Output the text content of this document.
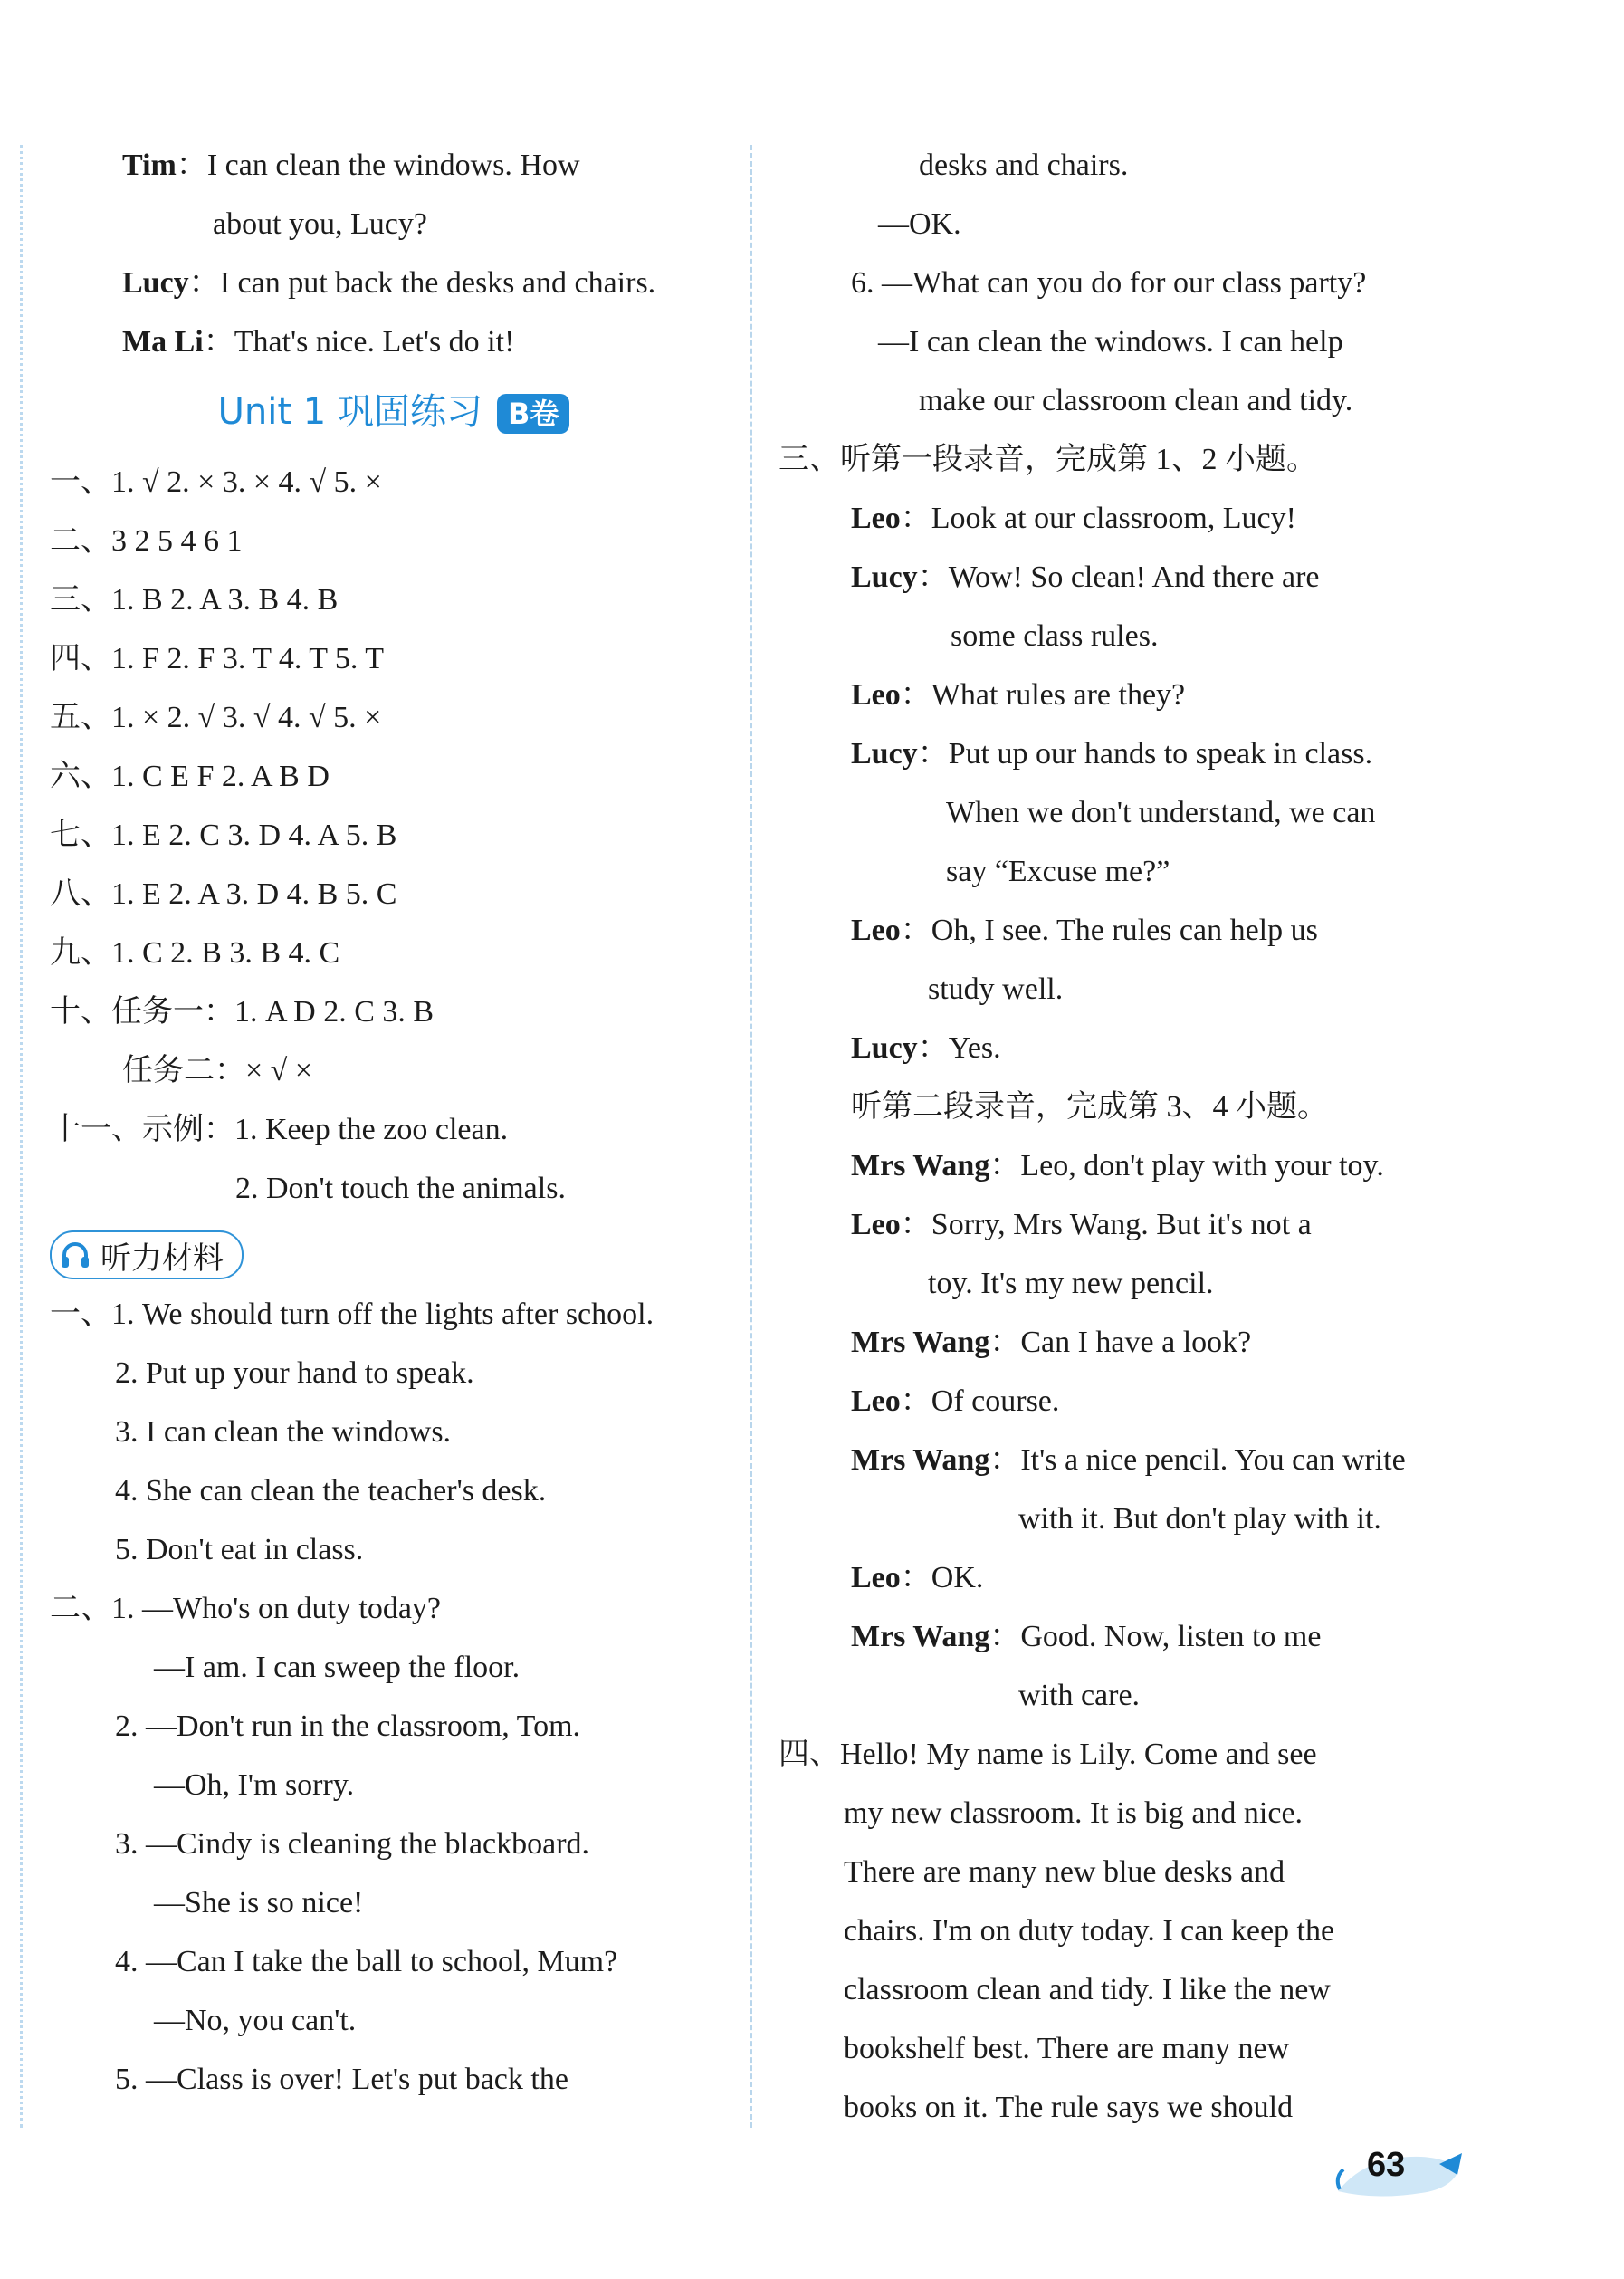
Tim：I can clean the windows. How
about you, Lucy?
Lucy：I can put back the desks and chairs.
Ma Li：That's nice. Let's do it!
Unit 1 巩固练习 B卷
一、1. √ 2. × 3. × 4. √ 5. ×
二、3 2 5 4 6 1
三、1. B 2. A 3. B 4. B
四、1. F 2. F 3. T 4. T 5. T
五、1. × 2. √ 3. √ 4. √ 5. ×
六、1. C E F 2. A B D
七、1. E 2. C 3. D 4. A 5. B
八、1. E 2. A 3. D 4. B 5. C
九、1. C 2. B 3. B 4. C
十、任务一：1. A D 2. C 3. B
任务二：× √ ×
十一、示例：1. Keep the zoo clean.
2. Don't touch the animals.
听力材料
一、1. We should turn off the lights after school.
2. Put up your hand to speak.
3. I can clean the windows.
4. She can clean the teacher's desk.
5. Don't eat in class.
二、1. —Who's on duty today?
—I am. I can sweep the floor.
2. —Don't run in the classroom, Tom.
—Oh, I'm sorry.
3. —Cindy is cleaning the blackboard.
—She is so nice!
4. —Can I take the ball to school, Mum?
—No, you can't.
5. —Class is over! Let's put back the
desks and chairs.
—OK.
6. —What can you do for our class party?
—I can clean the windows. I can help
make our classroom clean and tidy.
三、听第一段录音，完成第 1、2 小题。
Leo：Look at our classroom, Lucy!
Lucy：Wow! So clean! And there are
some class rules.
Leo：What rules are they?
Lucy：Put up our hands to speak in class.
When we don't understand, we can
say “Excuse me?”
Leo：Oh, I see. The rules can help us
study well.
Lucy：Yes.
听第二段录音，完成第 3、4 小题。
Mrs Wang：Leo, don't play with your toy.
Leo：Sorry, Mrs Wang. But it's not a
toy. It's my new pencil.
Mrs Wang：Can I have a look?
Leo：Of course.
Mrs Wang：It's a nice pencil. You can write
with it. But don't play with it.
Leo：OK.
Mrs Wang：Good. Now, listen to me
with care.
四、Hello! My name is Lily. Come and see
my new classroom. It is big and nice.
There are many new blue desks and
chairs. I'm on duty today. I can keep the
classroom clean and tidy. I like the new
bookshelf best. There are many new
books on it. The rule says we should
63
